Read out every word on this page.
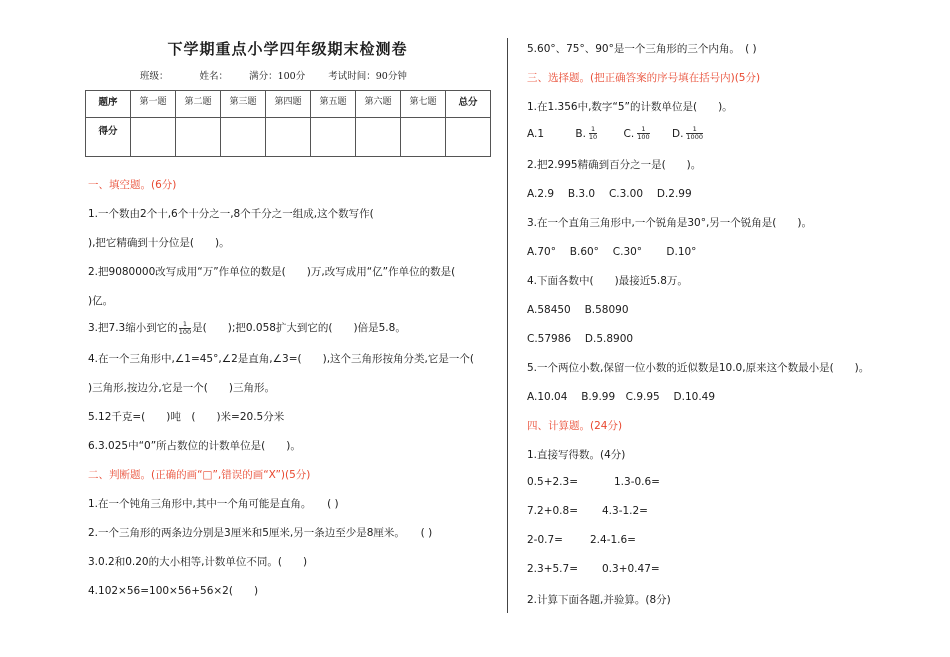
下学期重点小学四年级期末检测卷
班级：	姓名： 满分：100分 考试时间：90分钟
题序	第一题	第二题	第三题	第四题	第五题	第六题	第七题	总分
得分								
一、填空题。(6分)
1.一个数由2个十,6个十分之一,8个千分之一组成,这个数写作(
),把它精确到十分位是(　　)。
2.把9080000改写成用“万”作单位的数是(　　)万,改写成用“亿”作单位的数是(
)亿。
3.把7.3缩小到它的 $\frac{1}{100}$ 是(　　);把0.058扩大到它的(　　)倍是5.8。
4.在一个三角形中,∠1=45°,∠2是直角,∠3=(　　),这个三角形按角分类,它是一个(
)三角形,按边分,它是一个(　　)三角形。
5.12千克=(　　)吨　(　　)米=20.5分米
6.3.025中“0”所占数位的计数单位是(　　)。
二、判断题。(正确的画“□”,错误的画“X”)(5分)
1.在一个钝角三角形中,其中一个角可能是直角。　　( )
2.一个三角形的两条边分别是3厘米和5厘米,另一条边至少是8厘米。　　( )
3.0.2和0.20的大小相等,计数单位不同。(　　)
4.102×56=100×56+56×2(　　)
5.60°、75°、90°是一个三角形的三个内角。　( )
三、选择题。(把正确答案的序号填在括号内)(5分)
1.在1.356中,数字“5”的计数单位是(　　)。
A.1	B. $\frac{1}{10}$	C. $\frac{1}{100} D$. $\frac{1}{1000}$
2.把2.995精确到百分之一是(　　)。
A.2.9　 B.3.0　 C.3.00　 D.2.99
3.在一个直角三角形中,一个锐角是30°,另一个锐角是(　　)。
A.70°　 B.60°　 C.30°　　 D.10°
4.下面各数中(　　)最接近5.8万。
A.58450　 B.58090
C.57986　 D.5.8900
5.一个两位小数,保留一位小数的近似数是10.0,原来这个数最小是(　　)。
A.10.04　 B.9.99　C.9.95　 D.10.49
四、计算题。(24分)
1.直接写得数。(4分)
0.5+2.3=	1.3-0.6=
7.2+0.8= 4.3-1.2=
2-0.7=	2.4-1.6=
2.3+5.7= 0.3+0.47=
2.计算下面各题,并验算。(8分)
